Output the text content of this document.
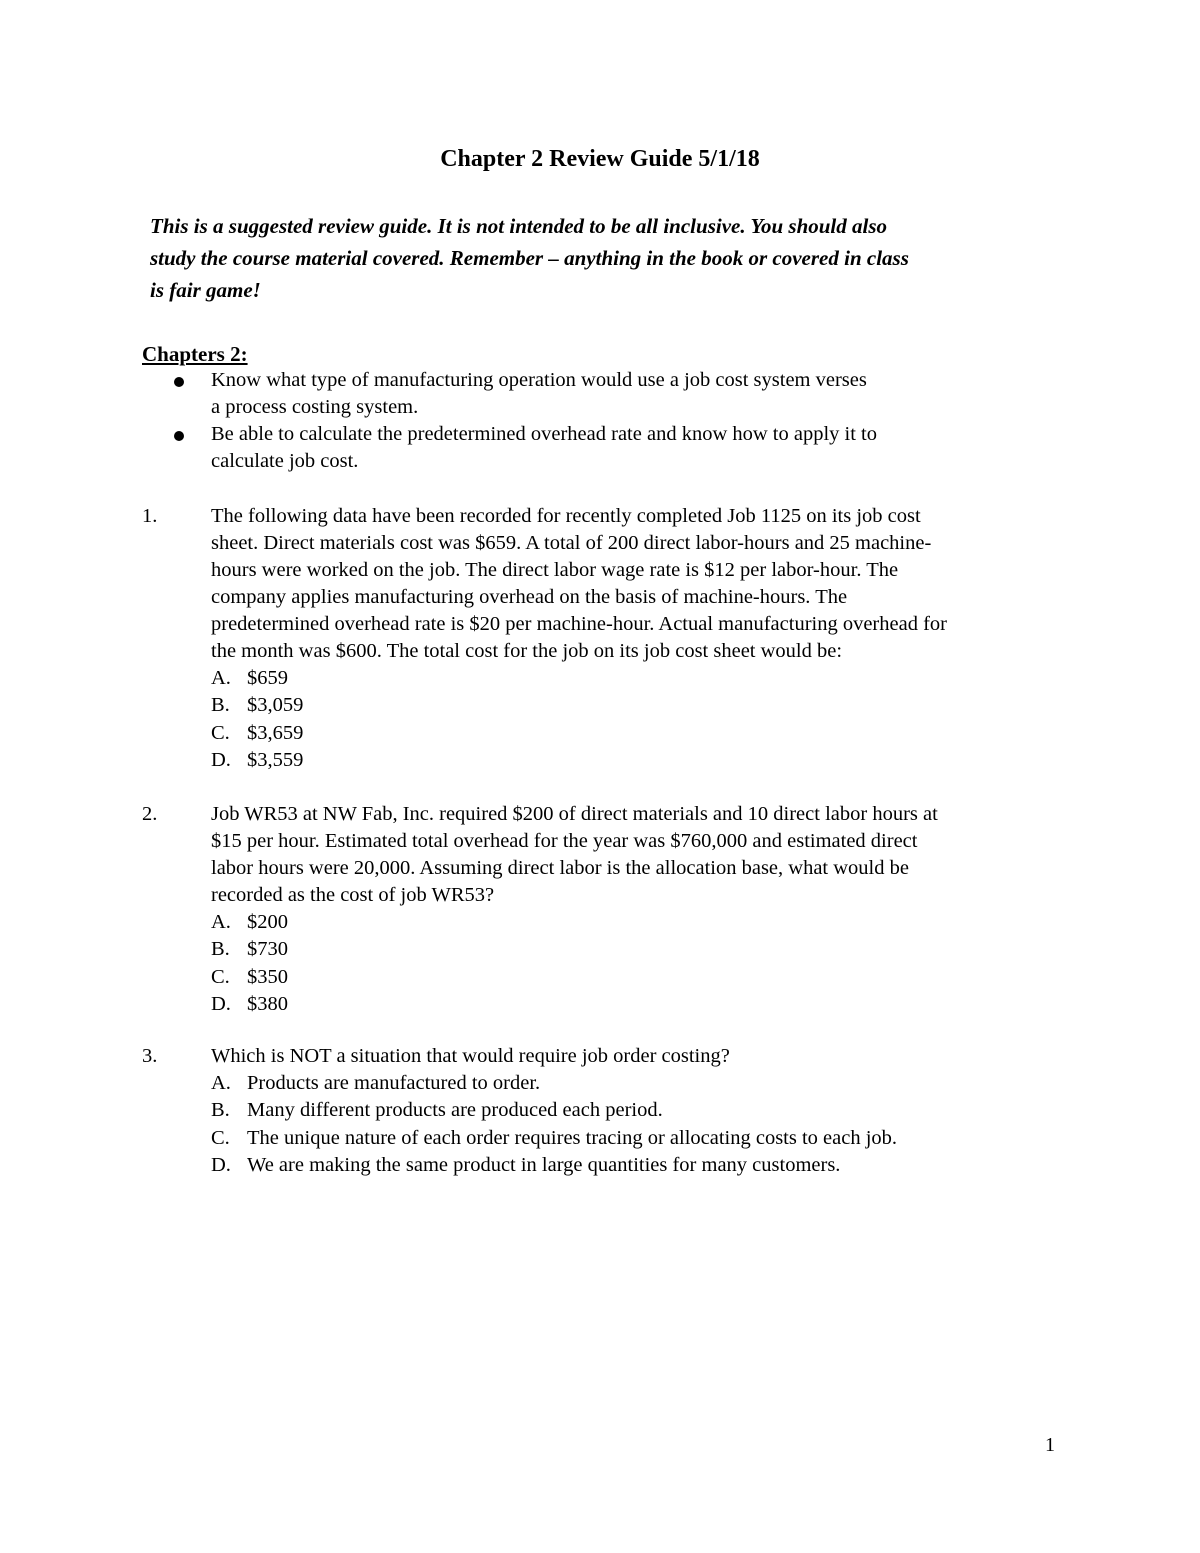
Chapter 2 Review Guide 5/1/18
This is a suggested review guide. It is not intended to be all inclusive. You should also
study the course material covered. Remember – anything in the book or covered in class
is fair game!
Chapters 2:
Know what type of manufacturing operation would use a job cost system verses
a process costing system.
Be able to calculate the predetermined overhead rate and know how to apply it to
calculate job cost.
1.	The following data have been recorded for recently completed Job 1125 on its job cost
sheet. Direct materials cost was $659. A total of 200 direct labor-hours and 25 machine-
hours were worked on the job. The direct labor wage rate is $12 per labor-hour. The
company applies manufacturing overhead on the basis of machine-hours. The
predetermined overhead rate is $20 per machine-hour. Actual manufacturing overhead for
the month was $600. The total cost for the job on its job cost sheet would be:
A. $659
B. $3,059
C. $3,659
D. $3,559
2.	Job WR53 at NW Fab, Inc. required $200 of direct materials and 10 direct labor hours at
$15 per hour. Estimated total overhead for the year was $760,000 and estimated direct
labor hours were 20,000. Assuming direct labor is the allocation base, what would be
recorded as the cost of job WR53?
A. $200
B. $730
C. $350
D. $380
3.	Which is NOT a situation that would require job order costing?
A. Products are manufactured to order.
B. Many different products are produced each period.
C. The unique nature of each order requires tracing or allocating costs to each job.
D. We are making the same product in large quantities for many customers.
1
